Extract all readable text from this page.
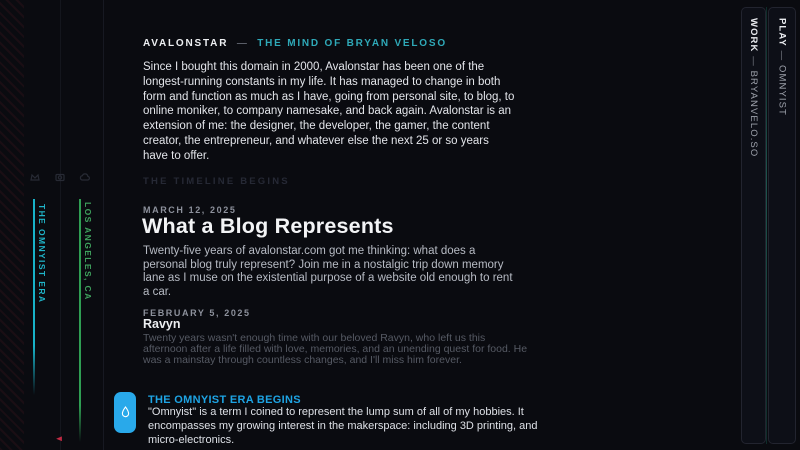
THE OMNYIST ERA	LOS ANGELES, CA
◄
AVALONSTAR — THE MIND OF BRYAN VELOSO
Since I bought this domain in 2000, Avalonstar has been one of the longest-running constants in my life. It has managed to change in both form and function as much as I have, going from personal site, to blog, to online moniker, to company namesake, and back again. Avalonstar is an extension of me: the designer, the developer, the gamer, the content creator, the entrepreneur, and whatever else the next 25 or so years have to offer.
THE TIMELINE BEGINS
MARCH 12, 2025
What a Blog Represents
Twenty-five years of avalonstar.com got me thinking: what does a personal blog truly represent? Join me in a nostalgic trip down memory lane as I muse on the existential purpose of a website old enough to rent a car.
FEBRUARY 5, 2025
Ravyn
Twenty years wasn't enough time with our beloved Ravyn, who left us this afternoon after a life filled with love, memories, and an unending quest for food. He was a mainstay through countless changes, and I'll miss him forever.
THE OMNYIST ERA BEGINS
"Omnyist" is a term I coined to represent the lump sum of all of my hobbies. It encompasses my growing interest in the makerspace: including 3D printing, and micro-electronics.
WORK — BRYANVELO.SO
PLAY — OMNYIST
